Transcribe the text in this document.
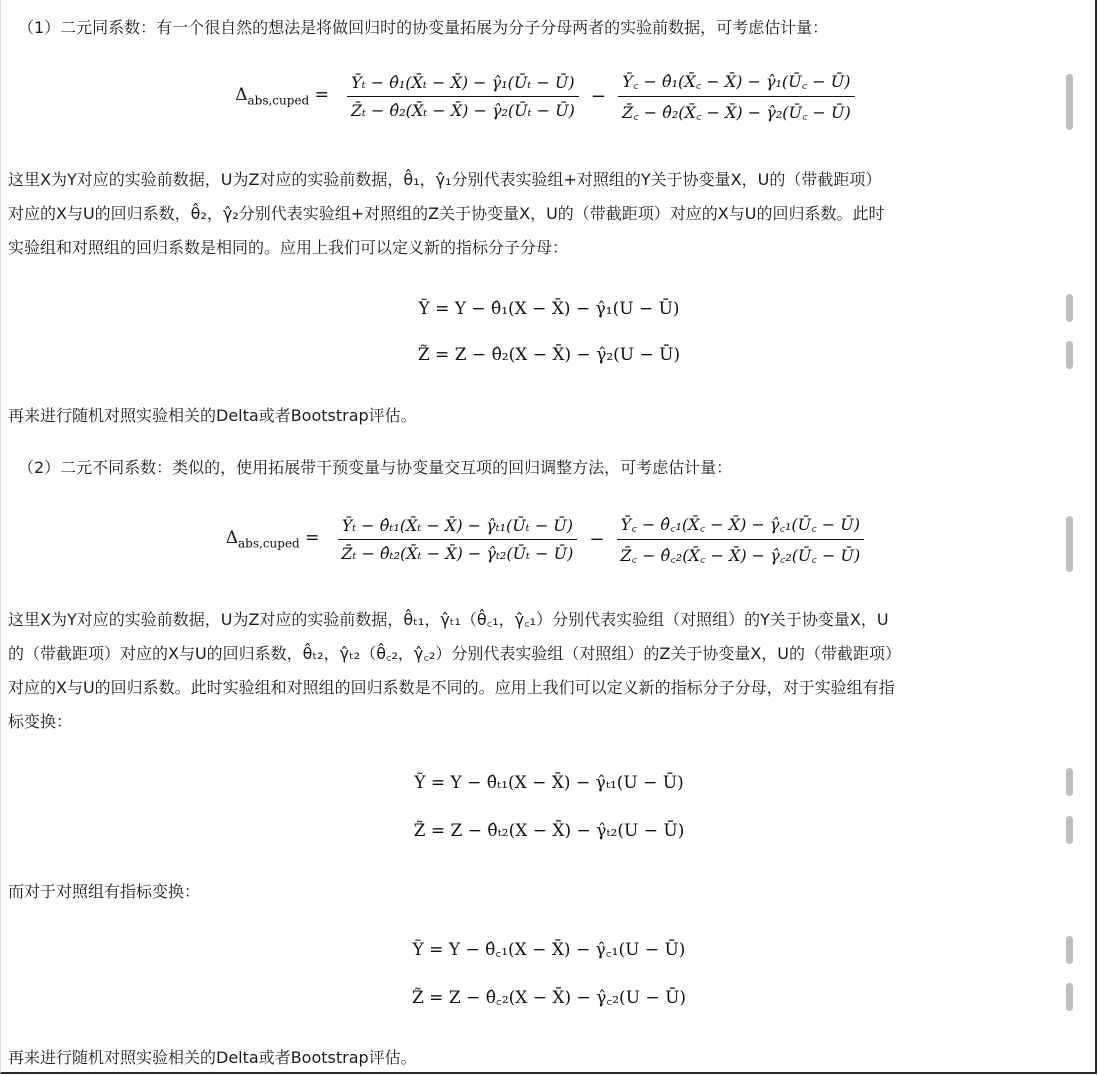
（1）二元同系数：有一个很自然的想法是将做回归时的协变量拓展为分子分母两者的实验前数据，可考虑估计量：
$\Delta_{abs,cuped} = \frac{\text{Ȳₜ − θ̂₁(X̄ₜ − X̄) − γ̂₁(Ūₜ − Ū)}}{\text{Z̄ₜ − θ̂₂(X̄ₜ − X̄) − γ̂₂(Ūₜ − Ū)}} - \frac{\text{Ȳ꜀ − θ̂₁(X̄꜀ − X̄) − γ̂₁(Ū꜀ − Ū)}}{\text{Z̄꜀ − θ̂₂(X̄꜀ − X̄) − γ̂₂(Ū꜀ − Ū)}}$
这里X为Y对应的实验前数据，U为Z对应的实验前数据，θ̂₁，γ̂₁分别代表实验组+对照组的Y关于协变量X，U的（带截距项）
对应的X与U的回归系数，θ̂₂，γ̂₂分别代表实验组+对照组的Z关于协变量X，U的（带截距项）对应的X与U的回归系数。此时
实验组和对照组的回归系数是相同的。应用上我们可以定义新的指标分子分母：
Ỹ = Y − θ̂₁(X − X̄) − γ̂₁(U − Ū)
Z̃ = Z − θ̂₂(X − X̄) − γ̂₂(U − Ū)
再来进行随机对照实验相关的Delta或者Bootstrap评估。
（2）二元不同系数：类似的，使用拓展带干预变量与协变量交互项的回归调整方法，可考虑估计量：
$\Delta_{abs,cuped} = \frac{\text{Ȳₜ − θ̂ₜ₁(X̄ₜ − X̄) − γ̂ₜ₁(Ūₜ − Ū)}}{\text{Z̄ₜ − θ̂ₜ₂(X̄ₜ − X̄) − γ̂ₜ₂(Ūₜ − Ū)}} - \frac{\text{Ȳ꜀ − θ̂꜀₁(X̄꜀ − X̄) − γ̂꜀₁(Ū꜀ − Ū)}}{\text{Z̄꜀ − θ̂꜀₂(X̄꜀ − X̄) − γ̂꜀₂(Ū꜀ − Ū)}}$
这里X为Y对应的实验前数据，U为Z对应的实验前数据，θ̂ₜ₁，γ̂ₜ₁（θ̂꜀₁，γ̂꜀₁）分别代表实验组（对照组）的Y关于协变量X，U
的（带截距项）对应的X与U的回归系数，θ̂ₜ₂，γ̂ₜ₂（θ̂꜀₂，γ̂꜀₂）分别代表实验组（对照组）的Z关于协变量X，U的（带截距项）
对应的X与U的回归系数。此时实验组和对照组的回归系数是不同的。应用上我们可以定义新的指标分子分母，对于实验组有指
标变换：
Ỹ = Y − θ̂ₜ₁(X − X̄) − γ̂ₜ₁(U − Ū)
Z̃ = Z − θ̂ₜ₂(X − X̄) − γ̂ₜ₂(U − Ū)
而对于对照组有指标变换：
Ỹ = Y − θ̂꜀₁(X − X̄) − γ̂꜀₁(U − Ū)
Z̃ = Z − θ̂꜀₂(X − X̄) − γ̂꜀₂(U − Ū)
再来进行随机对照实验相关的Delta或者Bootstrap评估。
